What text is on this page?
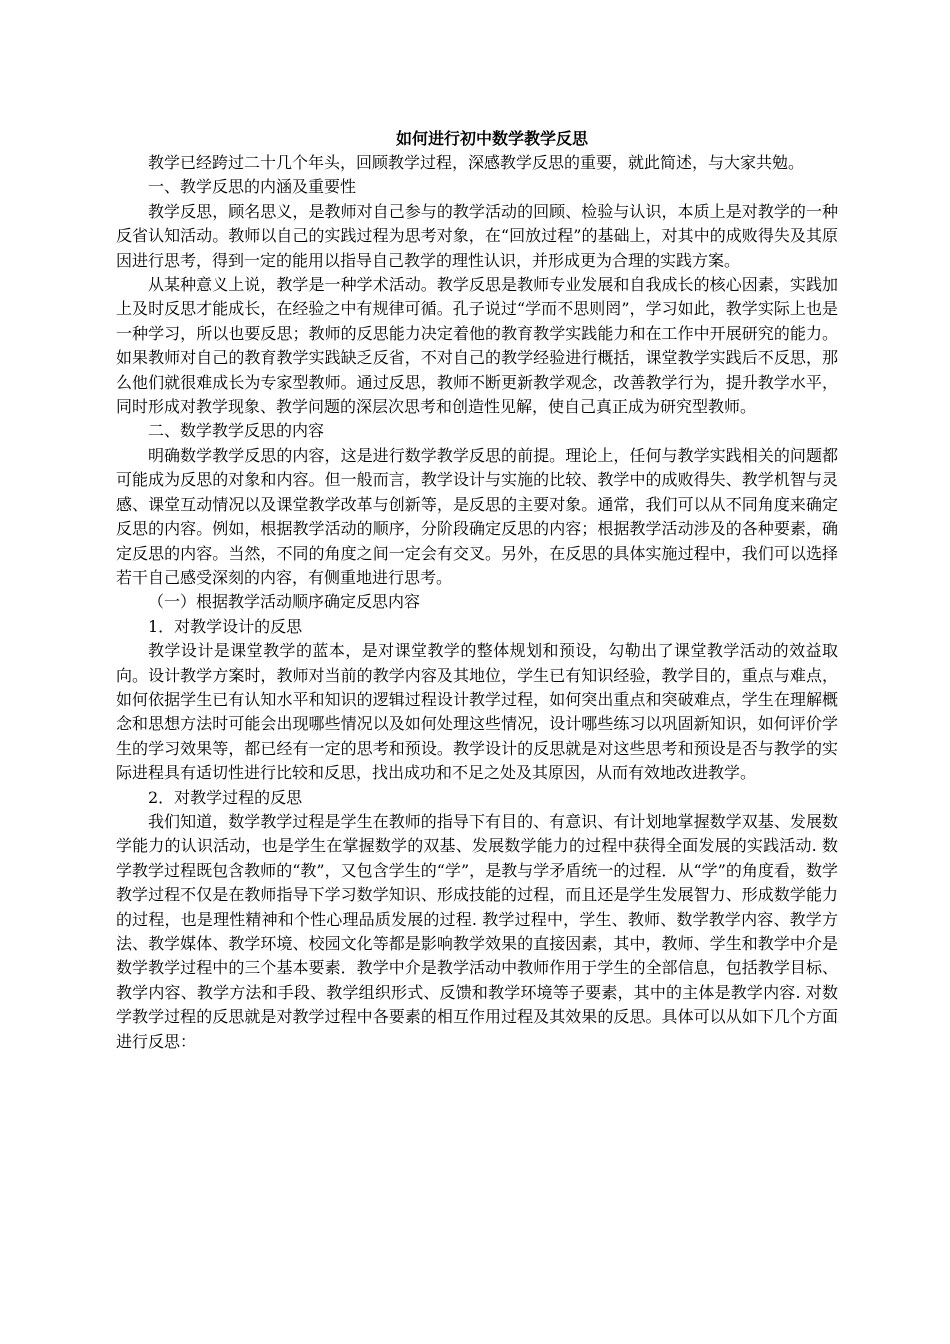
如何进行初中数学教学反思

教学已经跨过二十几个年头，回顾教学过程，深感教学反思的重要，就此简述，与大家共勉。

一、教学反思的内涵及重要性

教学反思，顾名思义，是教师对自己参与的教学活动的回顾、检验与认识，本质上是对教学的一种反省认知活动。教师以自己的实践过程为思考对象，在“回放过程”的基础上，对其中的成败得失及其原因进行思考，得到一定的能用以指导自己教学的理性认识，并形成更为合理的实践方案。

从某种意义上说，教学是一种学术活动。教学反思是教师专业发展和自我成长的核心因素，实践加上及时反思才能成长，在经验之中有规律可循。孔子说过“学而不思则罔”，学习如此，教学实际上也是一种学习，所以也要反思；教师的反思能力决定着他的教育教学实践能力和在工作中开展研究的能力。如果教师对自己的教育教学实践缺乏反省，不对自己的教学经验进行概括，课堂教学实践后不反思，那么他们就很难成长为专家型教师。通过反思，教师不断更新教学观念，改善教学行为，提升教学水平，同时形成对教学现象、教学问题的深层次思考和创造性见解，使自己真正成为研究型教师。

二、数学教学反思的内容

明确数学教学反思的内容，这是进行数学教学反思的前提。理论上，任何与教学实践相关的问题都可能成为反思的对象和内容。但一般而言，教学设计与实施的比较、教学中的成败得失、教学机智与灵感、课堂互动情况以及课堂教学改革与创新等，是反思的主要对象。通常，我们可以从不同角度来确定反思的内容。例如，根据教学活动的顺序，分阶段确定反思的内容；根据教学活动涉及的各种要素，确定反思的内容。当然，不同的角度之间一定会有交叉。另外，在反思的具体实施过程中，我们可以选择若干自己感受深刻的内容，有侧重地进行思考。

（一）根据教学活动顺序确定反思内容

1．对教学设计的反思

教学设计是课堂教学的蓝本，是对课堂教学的整体规划和预设，勾勒出了课堂教学活动的效益取向。设计教学方案时，教师对当前的教学内容及其地位，学生已有知识经验，教学目的，重点与难点，如何依据学生已有认知水平和知识的逻辑过程设计教学过程，如何突出重点和突破难点，学生在理解概念和思想方法时可能会出现哪些情况以及如何处理这些情况，设计哪些练习以巩固新知识，如何评价学生的学习效果等，都已经有一定的思考和预设。教学设计的反思就是对这些思考和预设是否与教学的实际进程具有适切性进行比较和反思，找出成功和不足之处及其原因，从而有效地改进教学。

2．对教学过程的反思

我们知道，数学教学过程是学生在教师的指导下有目的、有意识、有计划地掌握数学双基、发展数学能力的认识活动，也是学生在掌握数学的双基、发展数学能力的过程中获得全面发展的实践活动. 数学教学过程既包含教师的“教”，又包含学生的“学”，是教与学矛盾统一的过程．从“学”的角度看，数学教学过程不仅是在教师指导下学习数学知识、形成技能的过程，而且还是学生发展智力、形成数学能力的过程，也是理性精神和个性心理品质发展的过程. 教学过程中，学生、教师、数学教学内容、教学方法、教学媒体、教学环境、校园文化等都是影响教学效果的直接因素，其中，教师、学生和教学中介是数学教学过程中的三个基本要素．教学中介是教学活动中教师作用于学生的全部信息，包括教学目标、教学内容、教学方法和手段、教学组织形式、反馈和教学环境等子要素，其中的主体是教学内容. 对数学教学过程的反思就是对教学过程中各要素的相互作用过程及其效果的反思。具体可以从如下几个方面进行反思：
